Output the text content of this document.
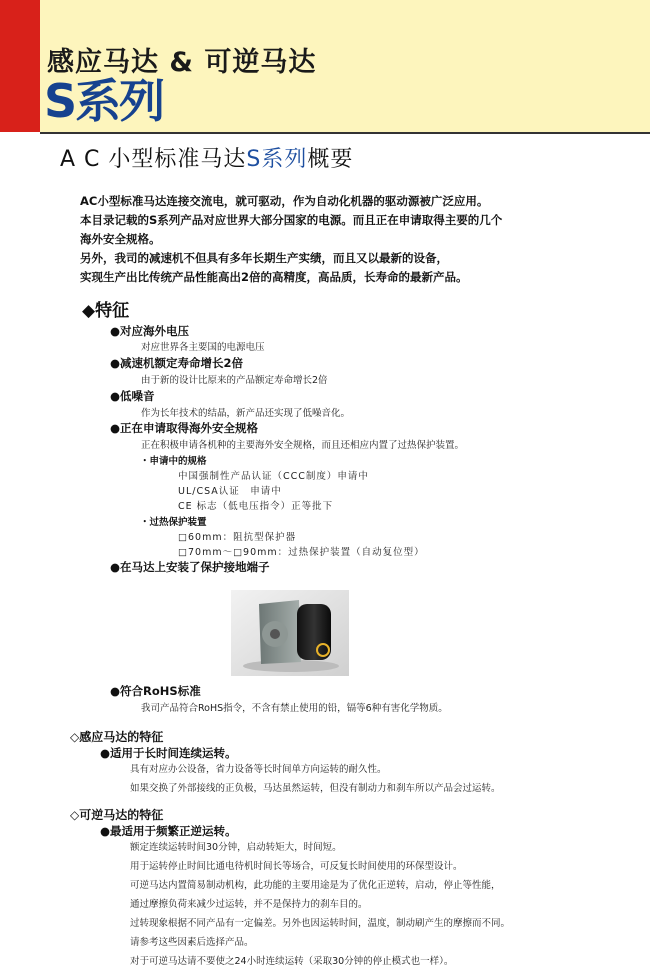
感应马达 & 可逆马达
S系列
A C 小型标准马达S系列概要
AC小型标准马达连接交流电，就可驱动，作为自动化机器的驱动源被广泛应用。
本目录记载的S系列产品对应世界大部分国家的电源。而且正在申请取得主要的几个
海外安全规格。
另外，我司的减速机不但具有多年长期生产实绩，而且又以最新的设备，
实现生产出比传统产品性能高出2倍的高精度，高品质，长寿命的最新产品。
◆特征
●对应海外电压
对应世界各主要国的电源电压
●减速机额定寿命增长2倍
由于新的设计比原来的产品额定寿命增长2倍
●低噪音
作为长年技术的结晶，新产品还实现了低噪音化。
●正在申请取得海外安全规格
正在积极申请各机种的主要海外安全规格，而且还相应内置了过热保护装置。
・申请中的规格
中国强制性产品认证（CCC制度）申请中
UL/CSA认证　申请中
CE 标志（低电压指令）正等批下
・过热保护装置
□60mm：阻抗型保护器
□70mm～□90mm：过热保护装置（自动复位型）
●在马达上安装了保护接地端子
●符合RoHS标准
我司产品符合RoHS指令，不含有禁止使用的铅，镉等6种有害化学物质。
◇感应马达的特征
●适用于长时间连续运转。
具有对应办公设备，省力设备等长时间单方向运转的耐久性。
如果交换了外部接线的正负极，马达虽然运转，但没有制动力和刹车所以产品会过运转。
◇可逆马达的特征
●最适用于频繁正逆运转。
额定连续运转时间30分钟，启动转矩大，时间短。
用于运转停止时间比通电待机时间长等场合，可反复长时间使用的环保型设计。
可逆马达内置简易制动机构，此功能的主要用途是为了优化正逆转，启动，停止等性能，
通过摩擦负荷来减少过运转，并不是保持力的刹车目的。
过转现象根据不同产品有一定偏差。另外也因运转时间，温度，制动刷产生的摩擦而不同。
请参考这些因素后选择产品。
对于可逆马达请不要使之24小时连续运转（采取30分钟的停止模式也一样）。
